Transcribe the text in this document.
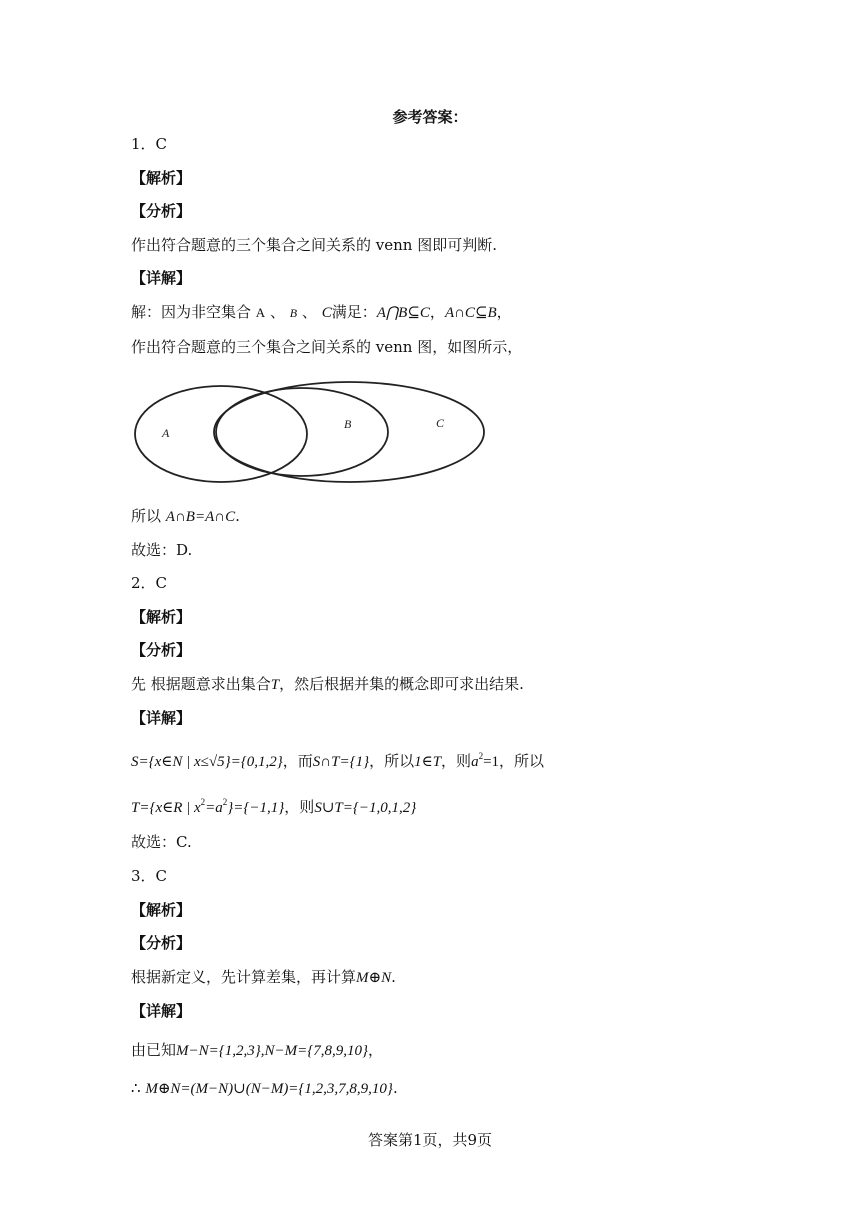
参考答案：
1．C
【解析】
【分析】
作出符合题意的三个集合之间关系的 venn 图即可判断.
【详解】
解：因为非空集合 A 、 B 、 C满足：A⋂B⊆C，A∩C⊆B，
作出符合题意的三个集合之间关系的 venn 图，如图所示，
A
B	C
所以 A∩B=A∩C.
故选：D.
2．C
【解析】
【分析】
先 根据题意求出集合T，然后根据并集的概念即可求出结果.
【详解】
S={x∈N | x≤√5}={0,1,2}，而S∩T={1}，所以1∈T，则$a^2=1$，所以
T={x∈R | $x^2=a^2\}=\{-1,1\}$，则S∪T={−1,0,1,2}
故选：C.
3．C
【解析】
【分析】
根据新定义，先计算差集，再计算M⊕N.
【详解】
由已知M−N={1,2,3},N−M={7,8,9,10}，
∴ M⊕N=(M−N)∪(N−M)={1,2,3,7,8,9,10}.
答案第1页，共9页
